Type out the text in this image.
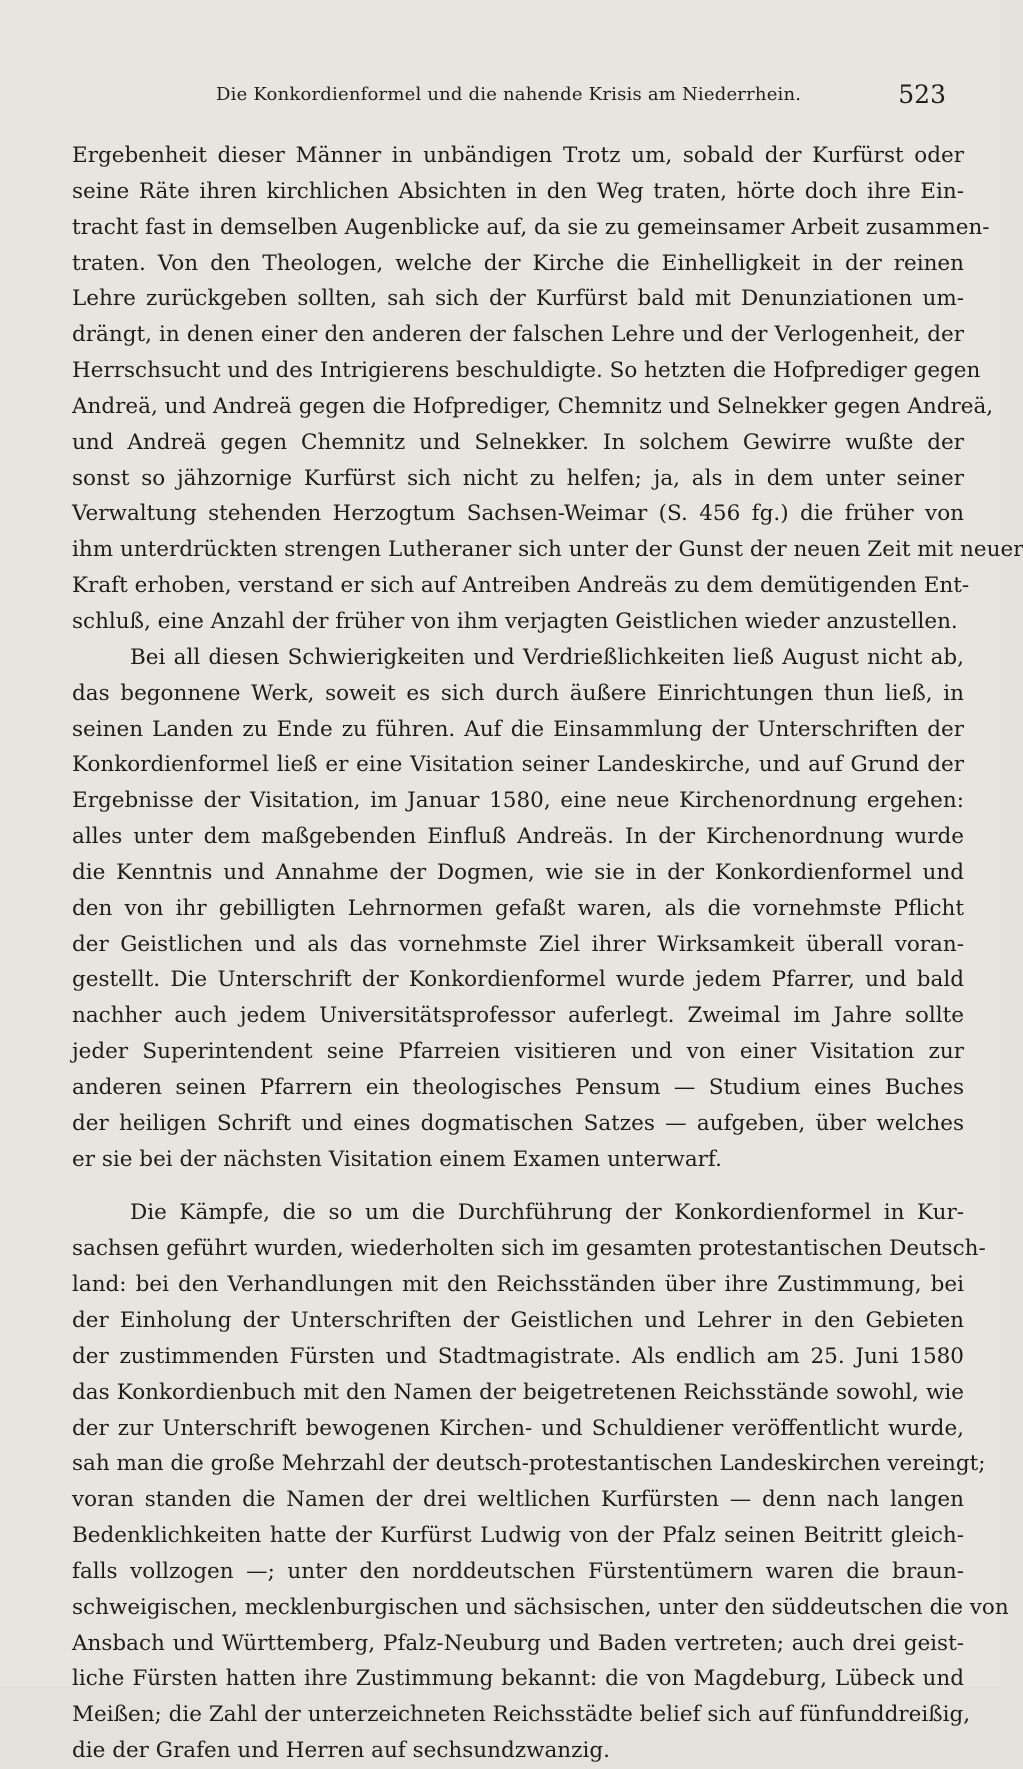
Die Konkordienformel und die nahende Krisis am Niederrhein.	523
Ergebenheit dieser Männer in unbändigen Trotz um, sobald der Kurfürst oder
seine Räte ihren kirchlichen Absichten in den Weg traten, hörte doch ihre Ein-
tracht fast in demselben Augenblicke auf, da sie zu gemeinsamer Arbeit zusammen-
traten. Von den Theologen, welche der Kirche die Einhelligkeit in der reinen
Lehre zurückgeben sollten, sah sich der Kurfürst bald mit Denunziationen um-
drängt, in denen einer den anderen der falschen Lehre und der Verlogenheit, der
Herrschsucht und des Intrigierens beschuldigte. So hetzten die Hofprediger gegen
Andreä, und Andreä gegen die Hofprediger, Chemnitz und Selnekker gegen Andreä,
und Andreä gegen Chemnitz und Selnekker. In solchem Gewirre wußte der
sonst so jähzornige Kurfürst sich nicht zu helfen; ja, als in dem unter seiner
Verwaltung stehenden Herzogtum Sachsen-Weimar (S. 456 fg.) die früher von
ihm unterdrückten strengen Lutheraner sich unter der Gunst der neuen Zeit mit neuer
Kraft erhoben, verstand er sich auf Antreiben Andreäs zu dem demütigenden Ent-
schluß, eine Anzahl der früher von ihm verjagten Geistlichen wieder anzustellen.
Bei all diesen Schwierigkeiten und Verdrießlichkeiten ließ August nicht ab,
das begonnene Werk, soweit es sich durch äußere Einrichtungen thun ließ, in
seinen Landen zu Ende zu führen. Auf die Einsammlung der Unterschriften der
Konkordienformel ließ er eine Visitation seiner Landeskirche, und auf Grund der
Ergebnisse der Visitation, im Januar 1580, eine neue Kirchenordnung ergehen:
alles unter dem maßgebenden Einfluß Andreäs. In der Kirchenordnung wurde
die Kenntnis und Annahme der Dogmen, wie sie in der Konkordienformel und
den von ihr gebilligten Lehrnormen gefaßt waren, als die vornehmste Pflicht
der Geistlichen und als das vornehmste Ziel ihrer Wirksamkeit überall voran-
gestellt. Die Unterschrift der Konkordienformel wurde jedem Pfarrer, und bald
nachher auch jedem Universitätsprofessor auferlegt. Zweimal im Jahre sollte
jeder Superintendent seine Pfarreien visitieren und von einer Visitation zur
anderen seinen Pfarrern ein theologisches Pensum — Studium eines Buches
der heiligen Schrift und eines dogmatischen Satzes — aufgeben, über welches
er sie bei der nächsten Visitation einem Examen unterwarf.
Die Kämpfe, die so um die Durchführung der Konkordienformel in Kur-
sachsen geführt wurden, wiederholten sich im gesamten protestantischen Deutsch-
land: bei den Verhandlungen mit den Reichsständen über ihre Zustimmung, bei
der Einholung der Unterschriften der Geistlichen und Lehrer in den Gebieten
der zustimmenden Fürsten und Stadtmagistrate. Als endlich am 25. Juni 1580
das Konkordienbuch mit den Namen der beigetretenen Reichsstände sowohl, wie
der zur Unterschrift bewogenen Kirchen- und Schuldiener veröffentlicht wurde,
sah man die große Mehrzahl der deutsch-protestantischen Landeskirchen vereingt;
voran standen die Namen der drei weltlichen Kurfürsten — denn nach langen
Bedenklichkeiten hatte der Kurfürst Ludwig von der Pfalz seinen Beitritt gleich-
falls vollzogen —; unter den norddeutschen Fürstentümern waren die braun-
schweigischen, mecklenburgischen und sächsischen, unter den süddeutschen die von
Ansbach und Württemberg, Pfalz-Neuburg und Baden vertreten; auch drei geist-
liche Fürsten hatten ihre Zustimmung bekannt: die von Magdeburg, Lübeck und
Meißen; die Zahl der unterzeichneten Reichsstädte belief sich auf fünfunddreißig,
die der Grafen und Herren auf sechsundzwanzig.
